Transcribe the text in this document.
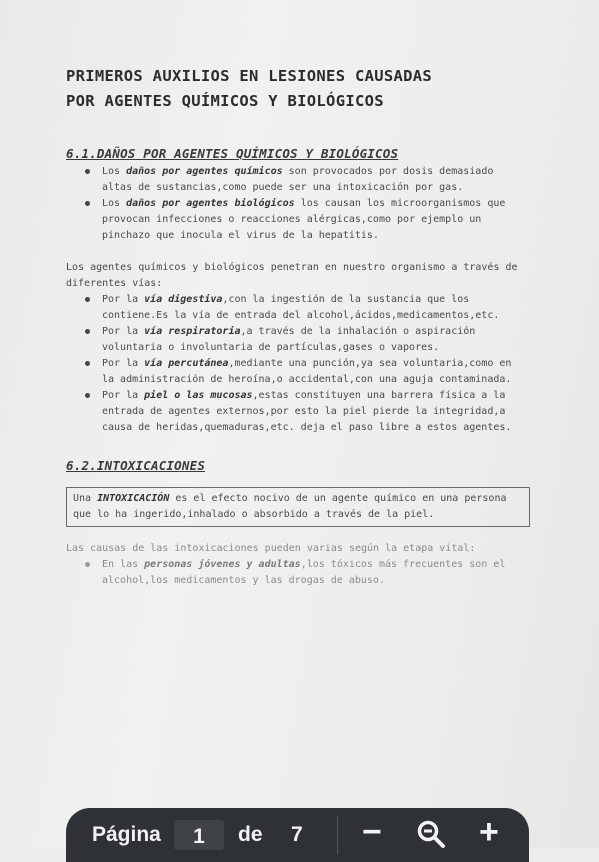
PRIMEROS AUXILIOS EN LESIONES CAUSADAS
POR AGENTES QUÍMICOS Y BIOLÓGICOS
6.1.DAÑOS POR AGENTES QUÍMICOS Y BIOLÓGICOS
Los daños por agentes químicos son provocados por dosis demasiado altas de sustancias,como puede ser una intoxicación por gas.
Los daños por agentes biológicos los causan los microorganismos que provocan infecciones o reacciones alérgicas,como por ejemplo un pinchazo que inocula el virus de la hepatitis.

Los agentes químicos y biológicos penetran en nuestro organismo a través de diferentes vías:

Por la vía digestiva,con la ingestión de la sustancia que los contiene.Es la vía de entrada del alcohol,ácidos,medicamentos,etc.
Por la vía respiratoria,a través de la inhalación o aspiración voluntaria o involuntaria de partículas,gases o vapores.
Por la vía percutánea,mediante una punción,ya sea voluntaria,como en la administración de heroína,o accidental,con una aguja contaminada.
Por la piel o las mucosas,estas constituyen una barrera física a la entrada de agentes externos,por esto la piel pierde la integridad,a causa de heridas,quemaduras,etc. deja el paso libre a estos agentes.
6.2.INTOXICACIONES
Una INTOXICACIÓN es el efecto nocivo de un agente químico en una persona que lo ha ingerido,inhalado o absorbido a través de la piel.

Las causas de las intoxicaciones pueden varias según la etapa vital:

En las personas jóvenes y adultas,los tóxicos más frecuentes son el alcohol,los medicamentos y las drogas de abuso.
Página	1	de 7 −	+
